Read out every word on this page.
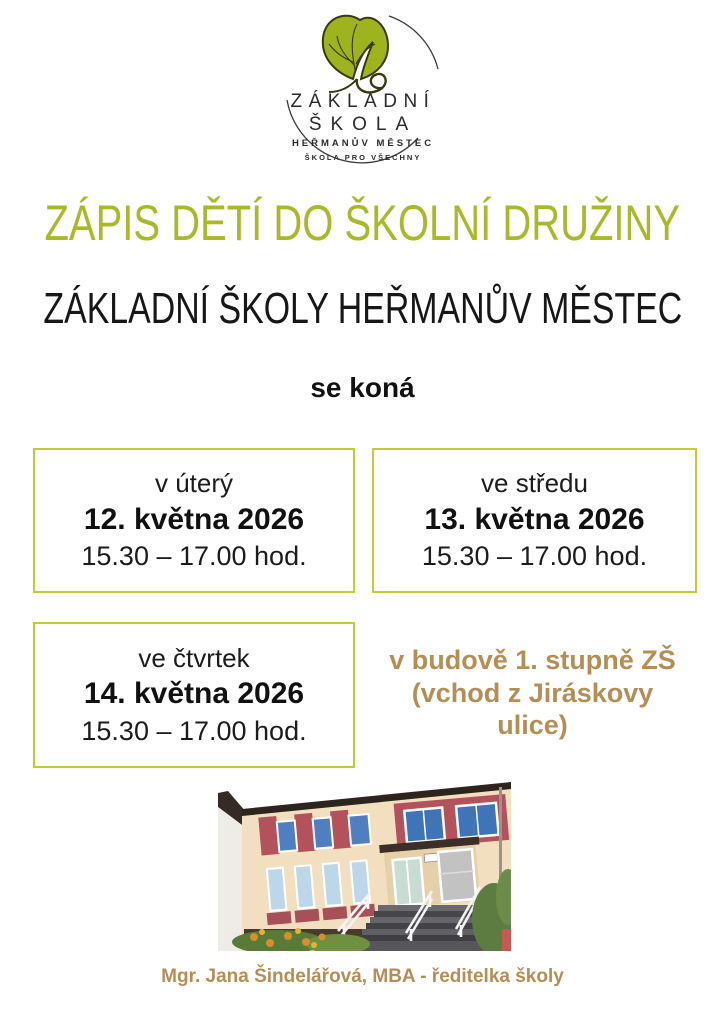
ZÁKLADNÍ
ŠKOLA
HEŘMANŮV MĚSTEC
ŠKOLA PRO VŠECHNY
ZÁPIS DĚTÍ DO ŠKOLNÍ DRUŽINY
ZÁKLADNÍ ŠKOLY HEŘMANŮV MĚSTEC
se koná
v úterý
12. května 2026
15.30 – 17.00 hod.
ve středu
13. května 2026
15.30 – 17.00 hod.
ve čtvrtek
14. května 2026
15.30 – 17.00 hod.
v budově 1. stupně ZŠ
(vchod z Jiráskovy
ulice)
Mgr. Jana Šindelářová, MBA - ředitelka školy
